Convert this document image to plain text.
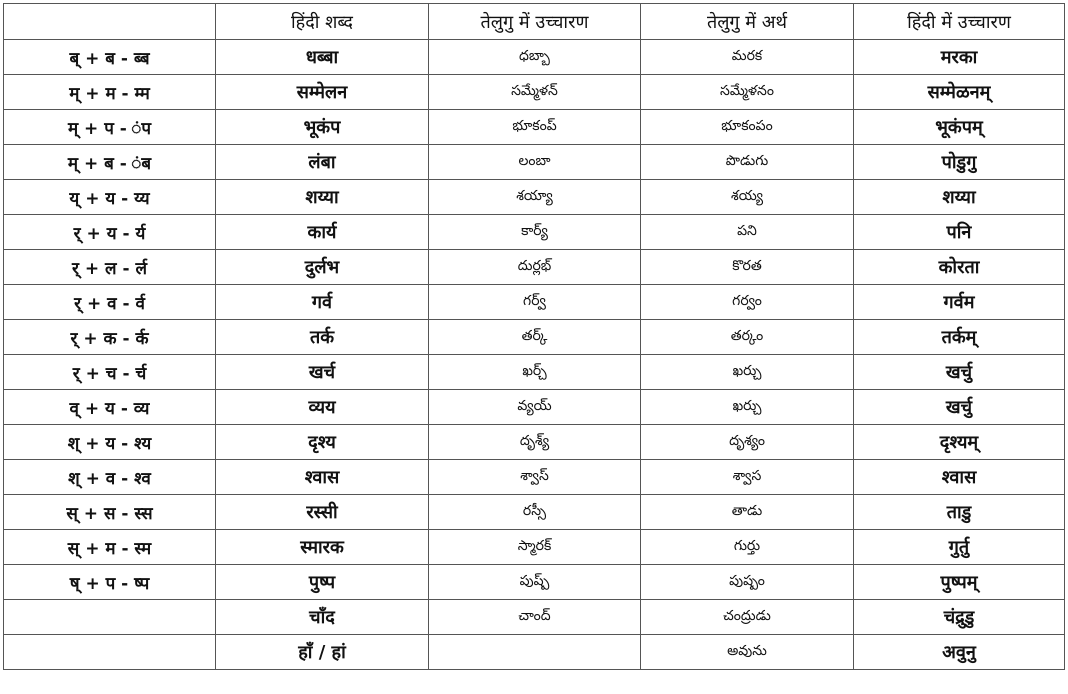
	हिंदी शब्द	तेलुगु में उच्चारण	तेलुगु में अर्थ	हिंदी में उच्चारण
ब् + ब - ब्ब	धब्बा	ధబ్బా	మరక	मरका
म् + म - म्म	सम्मेलन	సమ్మేళన్	సమ్మేళనం	सम्मेळनम्
म् + प - ंप	भूकंप	భూకంప్	భూకంపం	भूकंपम्
म् + ब - ंब	लंबा	లంబా	పొడుగు	पोडुगु
य् + य - य्य	शय्या	శయ్యా	శయ్య	शय्या
र् + य - र्य	कार्य	కార్య్	పని	पनि
र् + ल - र्ल	दुर्लभ	దుర్లభ్	కొరత	कोरता
र् + व - र्व	गर्व	గర్వ్	గర్వం	गर्वम
र् + क - र्क	तर्क	తర్క్	తర్కం	तर्कम्
र् + च - र्च	खर्च	ఖర్చ్	ఖర్చు	खर्चु
व् + य - व्य	व्यय	వ్యయ్	ఖర్చు	खर्चु
श् + य - श्य	दृश्य	దృశ్య్	దృశ్యం	दृश्यम्
श् + व - श्व	श्वास	శ్వాస్	శ్వాస	श्वास
स् + स - स्स	रस्सी	రస్సీ	తాడు	ताडु
स् + म - स्म	स्मारक	స్మారక్	గుర్తు	गुर्तु
ष् + प - ष्प	पुष्प	పుష్ప్	పుష్పం	पुष्पम्
	चाँद	చాంద్	చంద్రుడు	चंद्रुडु
	हाँ / हां		అవును	अवुनु
